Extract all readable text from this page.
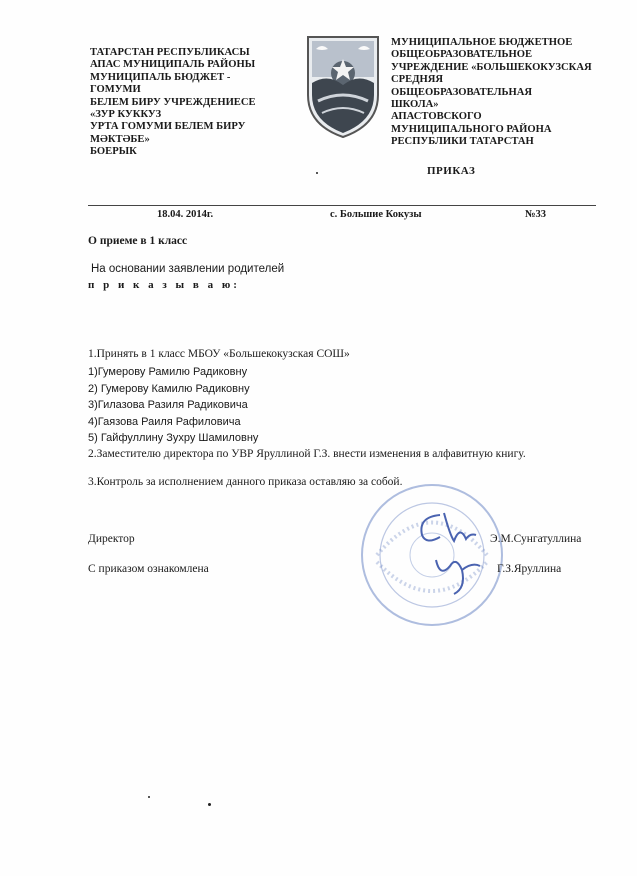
ТАТАРСТАН РЕСПУБЛИКАСЫ
АПАС МУНИЦИПАЛЬ РАЙОНЫ
МУНИЦИПАЛЬ БЮДЖЕТ -
ГОМУМИ
БЕЛЕМ БИРУ УЧРЕЖДЕНИЕСЕ
«ЗУР КУККУЗ
УРТА ГОМУМИ БЕЛЕМ БИРУ
МӘКТӘБЕ»
БОЕРЫК
МУНИЦИПАЛЬНОЕ БЮДЖЕТНОЕ
ОБЩЕОБРАЗОВАТЕЛЬНОЕ
УЧРЕЖДЕНИЕ «БОЛЬШЕКОКУЗСКАЯ
СРЕДНЯЯ
ОБЩЕОБРАЗОВАТЕЛЬНАЯ
ШКОЛА»
АПАСТОВСКОГО
МУНИЦИПАЛЬНОГО РАЙОНА
РЕСПУБЛИКИ ТАТАРСТАН
ПРИКАЗ
18.04. 2014г.	с. Большие Кокузы	№33
О приеме в 1 класс
На основании заявлении родителей
п р и к а з ы в а ю:
1.Принять в 1 класс МБОУ «Большекокузская СОШ»
1)Гумерову Рамилю Радиковну
2) Гумерову Камилю Радиковну
3)Гилазова Разиля Радиковича
4)Гаязова Раиля Рафиловича
5) Гайфуллину Зухру Шамиловну
2.Заместителю директора по УВР Яруллиной Г.З. внести изменения в алфавитную книгу.
3.Контроль за исполнением данного приказа оставляю за собой.
Директор	Э.М.Сунгатуллина
С приказом ознакомлена	Г.З.Яруллина
